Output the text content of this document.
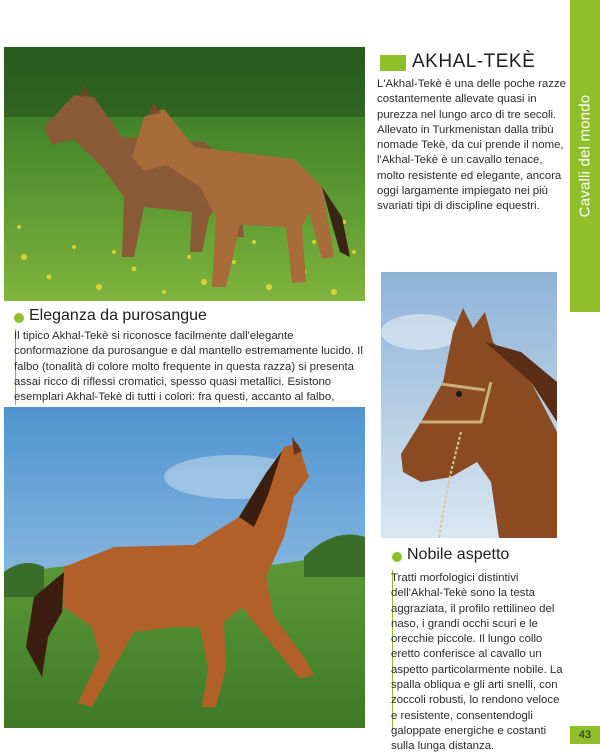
Cavalli del mondo
AKHAL-TEKÈ
L'Akhal-Tekè è una delle poche razze costantemente allevate quasi in purezza nel lungo arco di tre secoli. Allevato in Turkmenistan dalla tribù nomade Tekè, da cui prende il nome, l'Akhal-Tekè è un cavallo tenace, molto resistente ed elegante, ancora oggi largamente impiegato nei più svariati tipi di discipline equestri.
Eleganza da purosangue
Il tipico Akhal-Tekè si riconosce facilmente dall'elegante conformazione da purosangue e dal mantello estremamente lucido. Il falbo (tonalità di colore molto frequente in questa razza) si presenta assai ricco di riflessi cromatici, spesso quasi metallici. Esistono esemplari Akhal-Tekè di tutti i colori: fra questi, accanto al falbo,
Nobile aspetto
Tratti morfologici distintivi dell'Akhal-Tekè sono la testa aggraziata, il profilo rettilineo del naso, i grandi occhi scuri e le orecchie piccole. Il lungo collo eretto conferisce al cavallo un aspetto particolarmente nobile. La spalla obliqua e gli arti snelli, con zoccoli robusti, lo rendono veloce e resistente, consentendogli galoppate energiche e costanti sulla lunga distanza.
43
